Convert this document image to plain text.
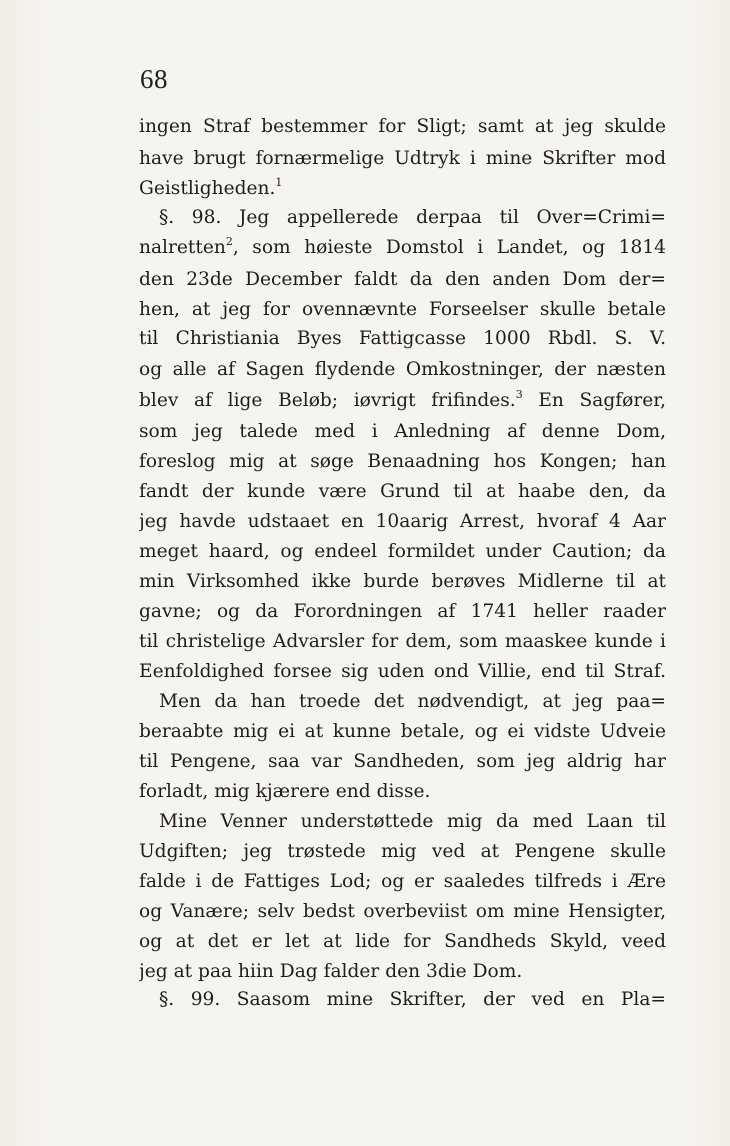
68
ingen Straf bestemmer for Sligt; samt at jeg skulde
have brugt fornærmelige Udtryk i mine Skrifter mod
Geistligheden.$^1$
§. 98. Jeg appellerede derpaa til Over=Crimi=
nalretten$^2$, som høieste Domstol i Landet, og 1814
den 23de December faldt da den anden Dom der=
hen, at jeg for ovennævnte Forseelser skulle betale
til Christiania Byes Fattigcasse 1000 Rbdl. S. V.
og alle af Sagen flydende Omkostninger, der næsten
blev af lige Beløb; iøvrigt frifindes.$^3$ En Sagfører,
som jeg talede med i Anledning af denne Dom,
foreslog mig at søge Benaadning hos Kongen; han
fandt der kunde være Grund til at haabe den, da
jeg havde udstaaet en 10aarig Arrest, hvoraf 4 Aar
meget haard, og endeel formildet under Caution; da
min Virksomhed ikke burde berøves Midlerne til at
gavne; og da Forordningen af 1741 heller raader
til christelige Advarsler for dem, som maaskee kunde i
Eenfoldighed forsee sig uden ond Villie, end til Straf.
Men da han troede det nødvendigt, at jeg paa=
beraabte mig ei at kunne betale, og ei vidste Udveie
til Pengene, saa var Sandheden, som jeg aldrig har
forladt, mig kjærere end disse.
Mine Venner understøttede mig da med Laan til
Udgiften; jeg trøstede mig ved at Pengene skulle
falde i de Fattiges Lod; og er saaledes tilfreds i Ære
og Vanære; selv bedst overbeviist om mine Hensigter,
og at det er let at lide for Sandheds Skyld, veed
jeg at paa hiin Dag falder den 3die Dom.
§. 99. Saasom mine Skrifter, der ved en Pla=
